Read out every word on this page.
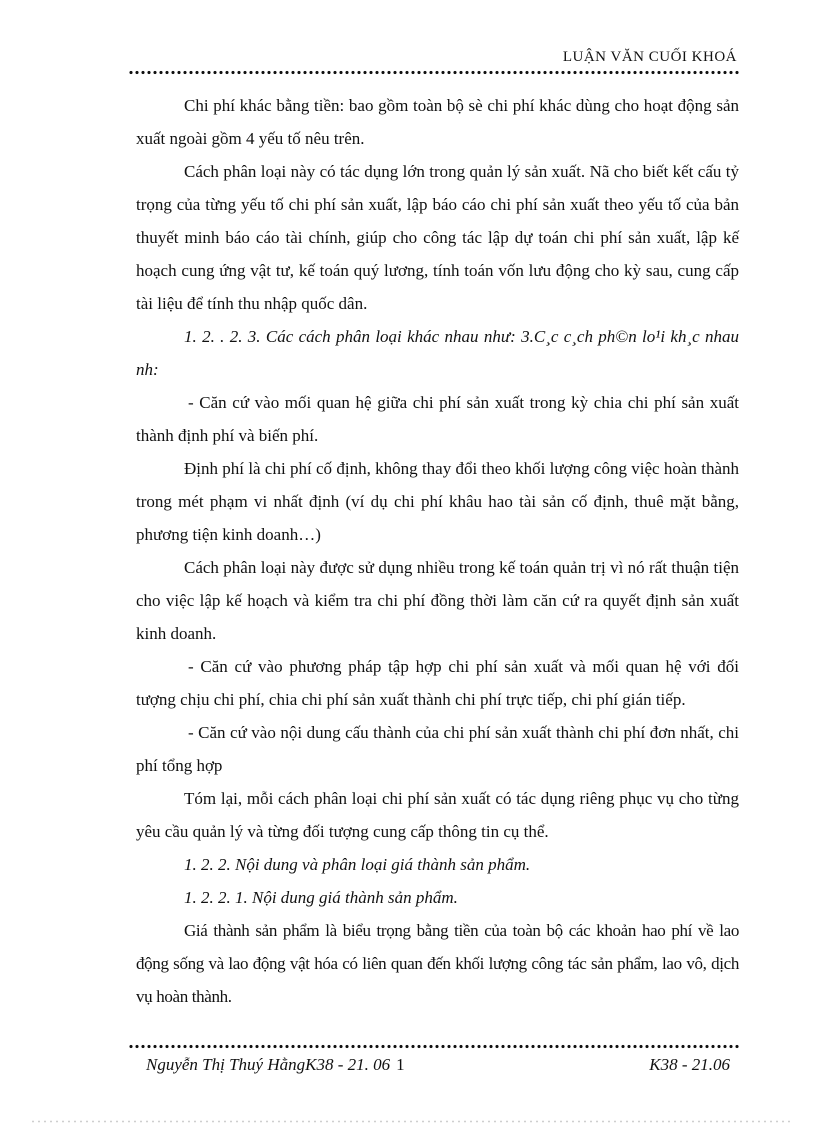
LUẬN VĂN CUỐI KHOÁ

Chi phí khác bằng tiền: bao gồm toàn bộ sè chi phí khác dùng cho hoạt động sản xuất ngoài gồm 4 yếu tố nêu trên.

Cách phân loại này có tác dụng lớn trong quản lý sản xuất. Nã cho biết kết cấu tỷ trọng của từng yếu tố chi phí sản xuất, lập báo cáo chi phí sản xuất theo yếu tố của bản thuyết minh báo cáo tài chính, giúp cho công tác lập dự toán chi phí sản xuất, lập kế hoạch cung ứng vật tư, kế toán quý lương, tính toán vốn lưu động cho kỳ sau, cung cấp tài liệu để tính thu nhập quốc dân.

1. 2. . 2. 3. Các cách phân loại khác nhau như: 3.C¸c c¸ch ph©n lo¹i kh¸c nhau nh:

- Căn cứ vào mối quan hệ giữa chi phí sản xuất trong kỳ chia chi phí sản xuất thành định phí và biến phí.

Định phí là chi phí cố định, không thay đổi theo khối lượng công việc hoàn thành trong mét phạm vi nhất định (ví dụ chi phí khâu hao tài sản cố định, thuê mặt bằng, phương tiện kinh doanh…)

Cách phân loại này được sử dụng nhiều trong kế toán quản trị vì nó rất thuận tiện cho việc lập kế hoạch và kiểm tra chi phí đồng thời làm căn cứ ra quyết định sản xuất kinh doanh.

- Căn cứ vào phương pháp tập hợp chi phí sản xuất và mối quan hệ với đối tượng chịu chi phí, chia chi phí sản xuất thành chi phí trực tiếp, chi phí gián tiếp.

- Căn cứ vào nội dung cấu thành của chi phí sản xuất thành chi phí đơn nhất, chi phí tổng hợp

Tóm lại, mỗi cách phân loại chi phí sản xuất có tác dụng riêng phục vụ cho từng yêu cầu quản lý và từng đối tượng cung cấp thông tin cụ thể.

1. 2. 2. Nội dung và phân loại giá thành sản phẩm.

1. 2. 2. 1. Nội dung giá thành sản phẩm.

Giá thành sản phẩm là biểu trọng bằng tiền của toàn bộ các khoản hao phí về lao động sống và lao động vật hóa có liên quan đến khối lượng công tác sản phẩm, lao vô, dịch vụ hoàn thành.

Nguyễn Thị Thuý HằngK38 - 21. 06 1	K38 - 21.06
